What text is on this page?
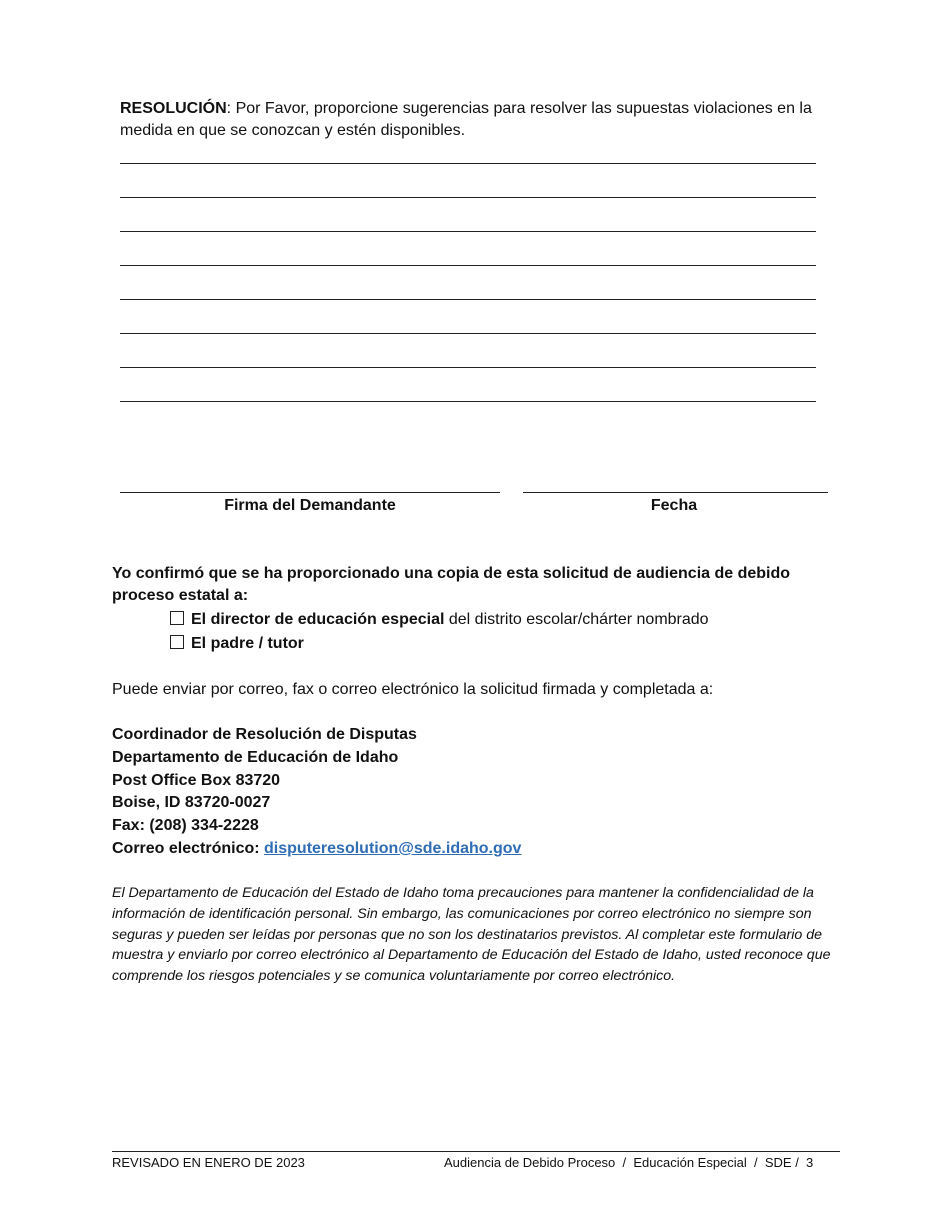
RESOLUCIÓN: Por Favor, proporcione sugerencias para resolver las supuestas violaciones en la medida en que se conozcan y estén disponibles.
Firma del Demandante	Fecha
Yo confirmó que se ha proporcionado una copia de esta solicitud de audiencia de debido proceso estatal a:
El director de educación especial del distrito escolar/chárter nombrado
El padre / tutor
Puede enviar por correo, fax o correo electrónico la solicitud firmada y completada a:
Coordinador de Resolución de Disputas
Departamento de Educación de Idaho
Post Office Box 83720
Boise, ID 83720-0027
Fax: (208) 334-2228
Correo electrónico: disputeresolution@sde.idaho.gov
El Departamento de Educación del Estado de Idaho toma precauciones para mantener la confidencialidad de la información de identificación personal. Sin embargo, las comunicaciones por correo electrónico no siempre son seguras y pueden ser leídas por personas que no son los destinatarios previstos. Al completar este formulario de muestra y enviarlo por correo electrónico al Departamento de Educación del Estado de Idaho, usted reconoce que comprende los riesgos potenciales y se comunica voluntariamente por correo electrónico.
REVISADO EN ENERO DE 2023	Audiencia de Debido Proceso  /  Educación Especial  /  SDE /  3
